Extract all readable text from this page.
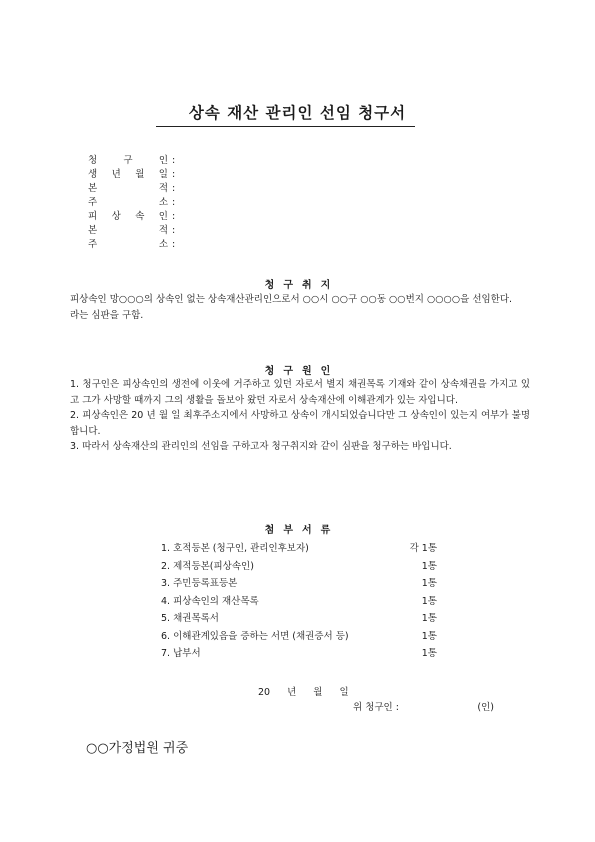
상속 재산 관리인 선임 청구서
청	구	인 :
생 년 월 일 :
본	적 :
주	소 :
피 상 속 인 :
본	적 :
주	소 :
청구취지

피상속인 망○○○의 상속인 없는 상속재산관리인으로서 ○○시 ○○구 ○○동 ○○번지 ○○○○을 선임한다.

라는 심판을 구함.

청구원인

1. 청구인은 피상속인의 생전에 이웃에 거주하고 있던 자로서 별지 채권목록 기재와 같이 상속채권을 가지고 있고 그가 사망할 때까지 그의 생활을 돌보아 왔던 자로서 상속재산에 이해관계가 있는 자입니다.

2. 피상속인은 20 년 월 일 최후주소지에서 사망하고 상속이 개시되었습니다만 그 상속인이 있는지 여부가 불명합니다.

3. 따라서 상속재산의 관리인의 선임을 구하고자 청구취지와 같이 심판을 청구하는 바입니다.

첨부서류
1. 호적등본 (청구인, 관리인후보자)	각 1통
2. 제적등본(피상속인)	1통
3. 주민등록표등본	1통
4. 피상속인의 재산목록	1통
5. 채권목록서	1통
6. 이해관계있음을 증하는 서면 (채권증서 등)	1통
7. 납부서	1통
20 년 월 일
위 청구인 :	(인)
○○가정법원 귀중
